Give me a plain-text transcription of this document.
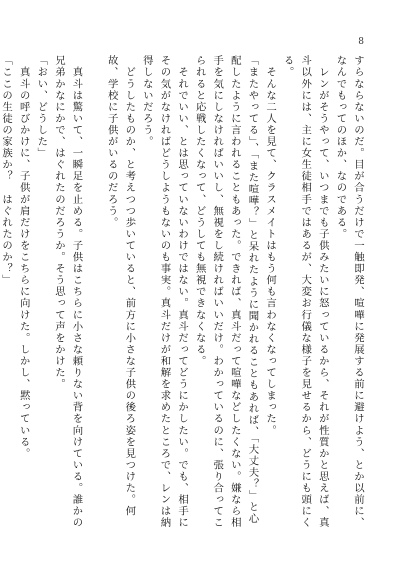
8

すらならないのだ。目が合うだけで一触即発、喧嘩に発展する前に避けよう、とか以前に、なんでもってのほか、なのである。

　レンがそうやって、いつまでも子供みたいに怒っているから、それが性質かと思えば、真斗以外には、主に女生徒相手ではあるが、大変お行儀な様子を見せるから、どうにも頭にくる。

　そんな二人を見て、クラスメイトはもう何も言わなくなってしまった。

「またやってる」、「また喧嘩？」と呆れたように聞かれることもあれば、「大丈夫？」と心配したように言われることもあった。できれば、真斗だって喧嘩などしたくない。嫌なら相手を気にしなければいいし、無視をし続ければいいだけ。わかっているのに、張り合ってこられると応戦したくなって、どうしても無視できなくなる。

　それでいい、とは思っていないわけではない。真斗だってどうにかしたい。でも、相手にその気がなければどうしようもないのも事実。真斗だけが和解を求めたところで、レンは納得しないだろう。

　どうしたものか、と考えつつ歩いていると、前方に小さな子供の後ろ姿を見つけた。何故、学校に子供がいるのだろう。

　真斗は驚いて、一瞬足を止める。子供はこちらに小さな頼りない背を向けている。誰かの兄弟かなにかで、はぐれたのだろうか。そう思って声をかけた。

「おい、どうした」

　真斗の呼びかけに、子供が肩だけをこちらに向けた。しかし、黙っている。

「ここの生徒の家族か？　はぐれたのか？」
